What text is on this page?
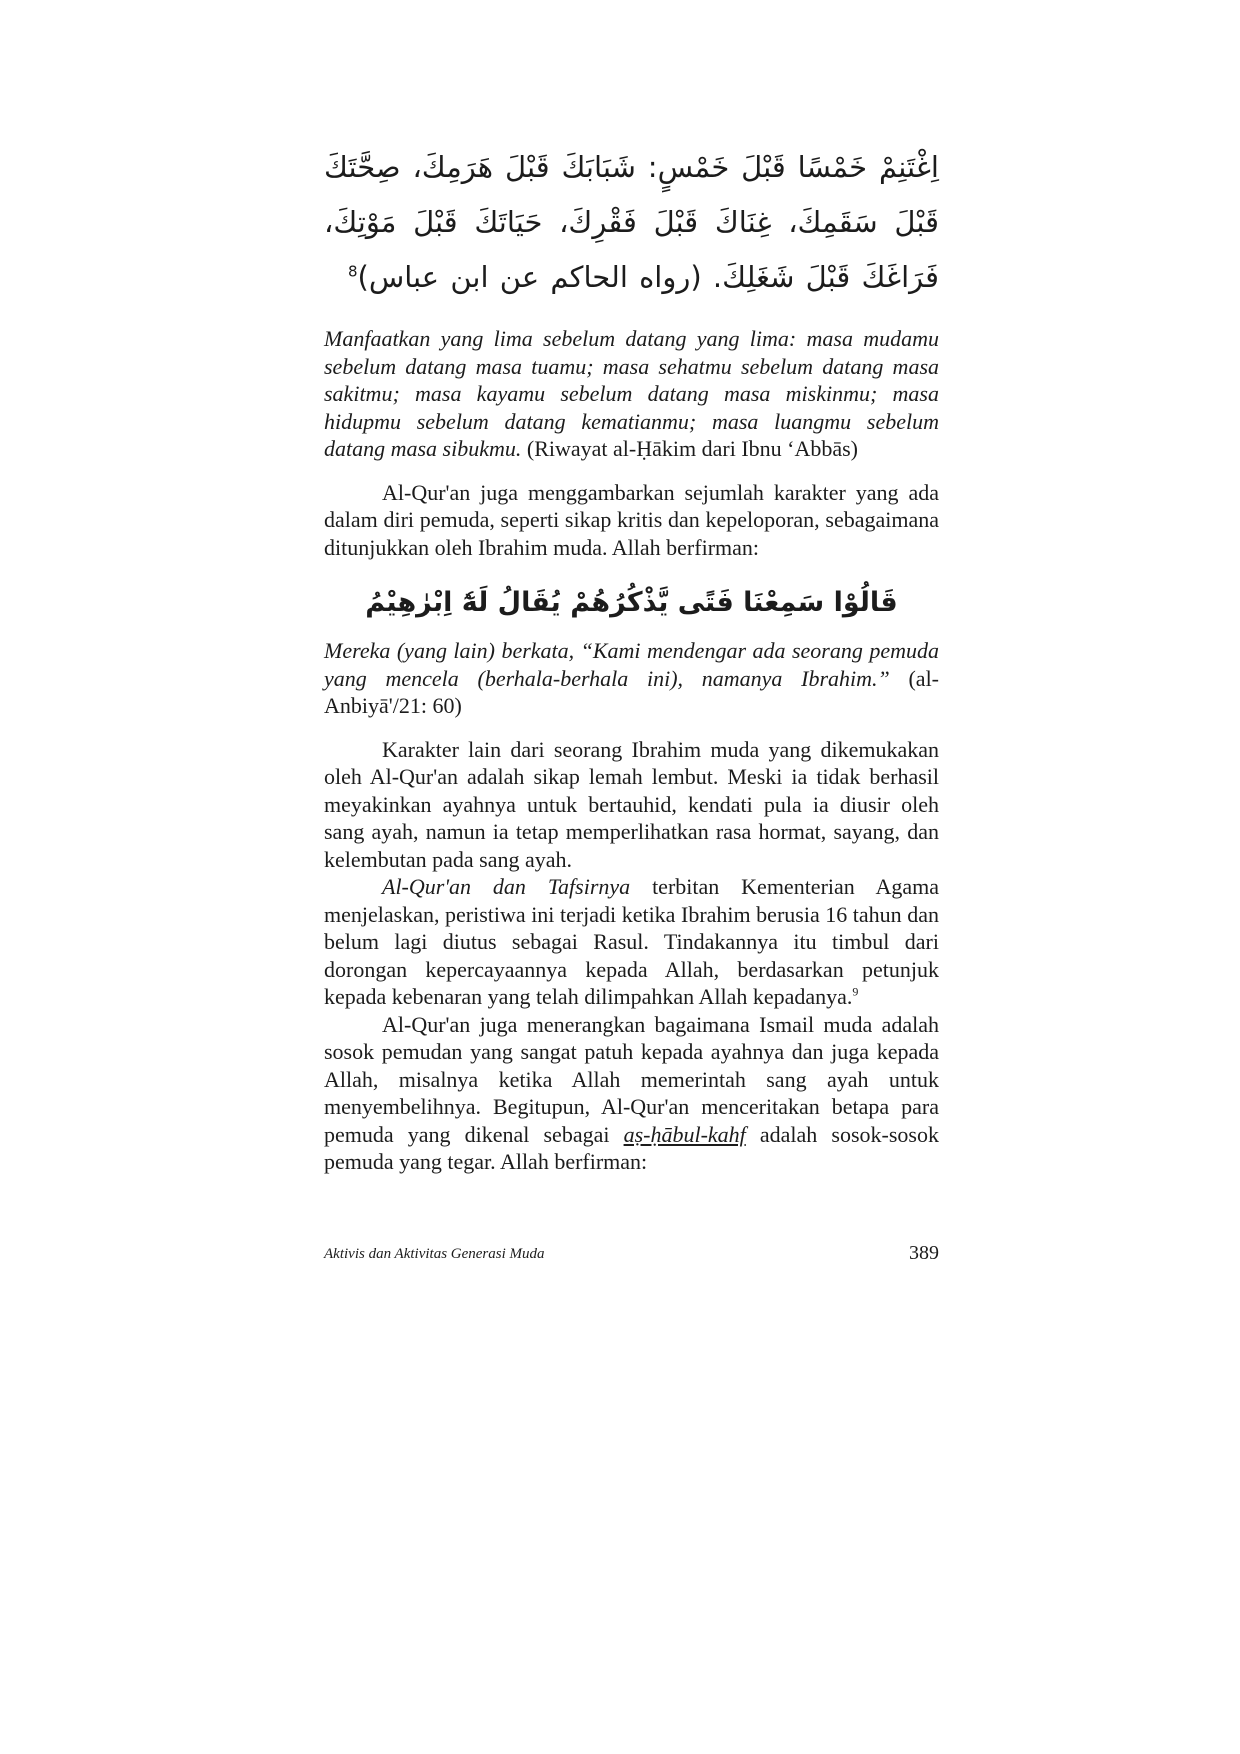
اِغْتَنِمْ خَمْسًا قَبْلَ خَمْسٍ: شَبَابَكَ قَبْلَ هَرَمِكَ، صِحَّتَكَ قَبْلَ سَقَمِكَ، غِنَاكَ قَبْلَ فَقْرِكَ، حَيَاتَكَ قَبْلَ مَوْتِكَ، فَرَاغَكَ قَبْلَ شَغَلِكَ. (رواه الحاكم عن ابن عباس)$^8$

Manfaatkan yang lima sebelum datang yang lima: masa mudamu sebelum datang masa tuamu; masa sehatmu sebelum datang masa sakitmu; masa kayamu sebelum datang masa miskinmu; masa hidupmu sebelum datang kematianmu; masa luangmu sebelum datang masa sibukmu. (Riwayat al-Ḥākim dari Ibnu ‘Abbās)

Al-Qur'an juga menggambarkan sejumlah karakter yang ada dalam diri pemuda, seperti sikap kritis dan kepeloporan, sebagaimana ditunjukkan oleh Ibrahim muda. Allah berfirman:

قَالُوْا سَمِعْنَا فَتًى يَّذْكُرُهُمْ يُقَالُ لَهٗٓ اِبْرٰهِيْمُ

Mereka (yang lain) berkata, “Kami mendengar ada seorang pemuda yang mencela (berhala-berhala ini), namanya Ibrahim.” (al-Anbiyā'/21: 60)

Karakter lain dari seorang Ibrahim muda yang dikemukakan oleh Al-Qur'an adalah sikap lemah lembut. Meski ia tidak berhasil meyakinkan ayahnya untuk bertauhid, kendati pula ia diusir oleh sang ayah, namun ia tetap memperlihatkan rasa hormat, sayang, dan kelembutan pada sang ayah.

Al-Qur'an dan Tafsirnya terbitan Kementerian Agama menjelaskan, peristiwa ini terjadi ketika Ibrahim berusia 16 tahun dan belum lagi diutus sebagai Rasul. Tindakannya itu timbul dari dorongan kepercayaannya kepada Allah, berdasarkan petunjuk kepada kebenaran yang telah dilimpahkan Allah kepadanya.$^9$

Al-Qur'an juga menerangkan bagaimana Ismail muda adalah sosok pemudan yang sangat patuh kepada ayahnya dan juga kepada Allah, misalnya ketika Allah memerintah sang ayah untuk menyembelihnya. Begitupun, Al-Qur'an menceritakan betapa para pemuda yang dikenal sebagai aṣ-ḥābul-kahf adalah sosok-sosok pemuda yang tegar. Allah berfirman:

Aktivis dan Aktivitas Generasi Muda	389
